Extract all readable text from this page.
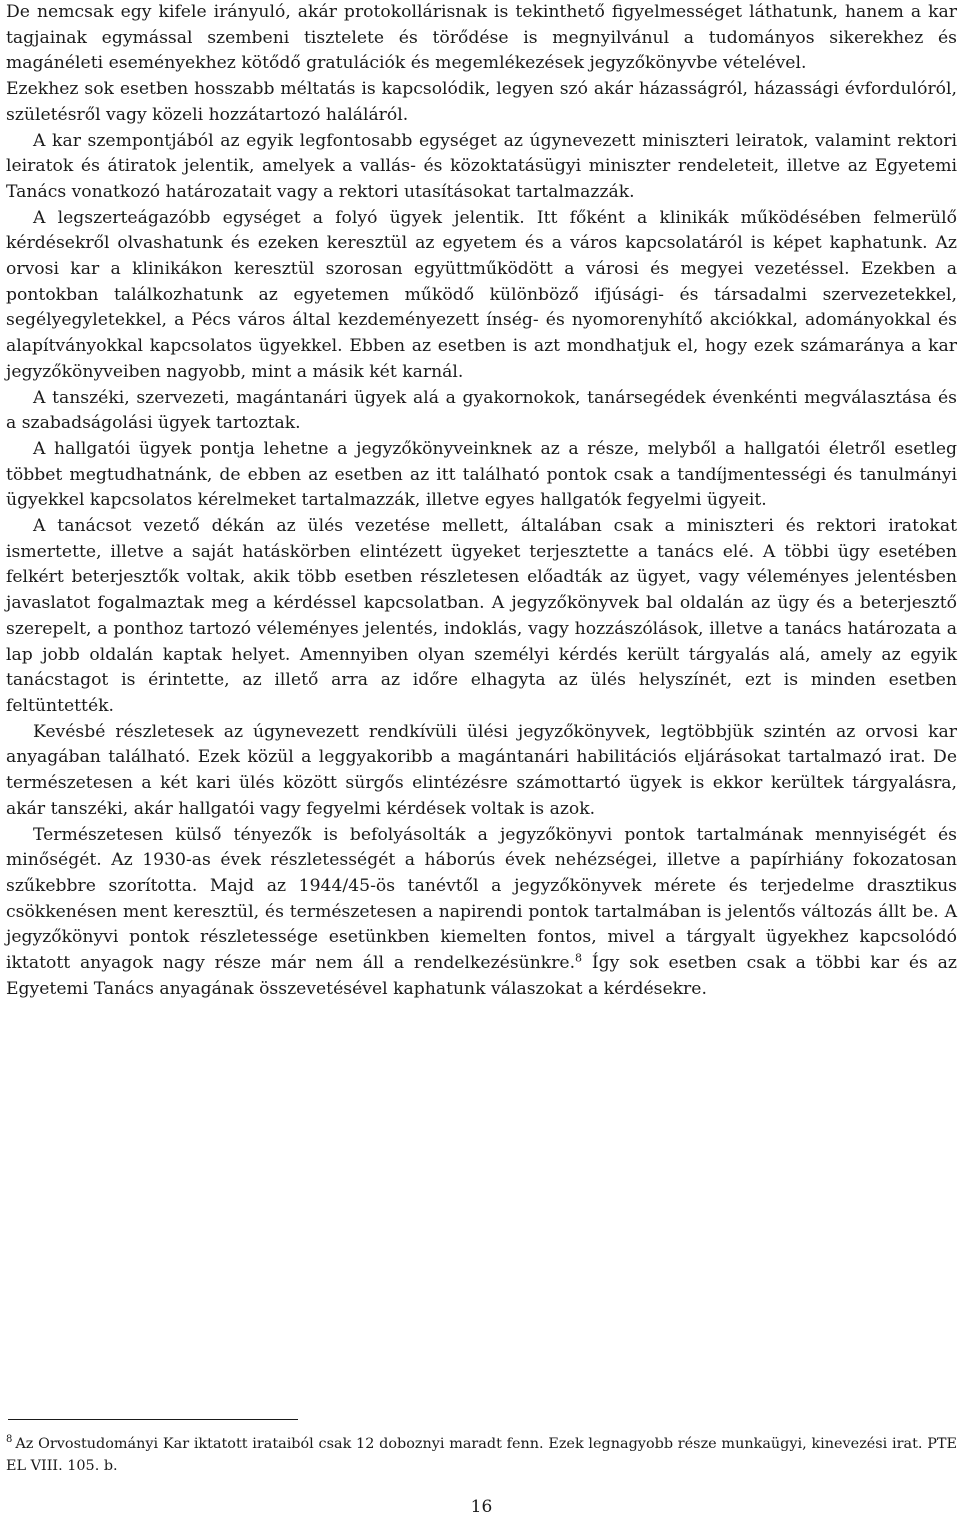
De nemcsak egy kifele irányuló, akár protokollárisnak is tekinthető figyelmességet láthatunk, hanem a kar tagjainak egymással szembeni tisztelete és törődése is megnyilvánul a tudományos sikerekhez és magánéleti eseményekhez kötődő gratulációk és megemlékezések jegyzőkönyvbe vételével.

Ezekhez sok esetben hosszabb méltatás is kapcsolódik, legyen szó akár házasságról, házassági évfordulóról, születésről vagy közeli hozzátartozó haláláról.

A kar szempontjából az egyik legfontosabb egységet az úgynevezett miniszteri leiratok, valamint rektori leiratok és átiratok jelentik, amelyek a vallás- és közoktatásügyi miniszter rendeleteit, illetve az Egyetemi Tanács vonatkozó határozatait vagy a rektori utasításokat tartalmazzák.

A legszerteágazóbb egységet a folyó ügyek jelentik. Itt főként a klinikák működésében felmerülő kérdésekről olvashatunk és ezeken keresztül az egyetem és a város kapcsolatáról is képet kaphatunk. Az orvosi kar a klinikákon keresztül szorosan együttműködött a városi és megyei vezetéssel. Ezekben a pontokban találkozhatunk az egyetemen működő különböző ifjúsági- és társadalmi szervezetekkel, segélyegyletekkel, a Pécs város által kezdeményezett ínség- és nyomorenyhítő akciókkal, adományokkal és alapítványokkal kapcsolatos ügyekkel. Ebben az esetben is azt mondhatjuk el, hogy ezek számaránya a kar jegyzőkönyveiben nagyobb, mint a másik két karnál.

A tanszéki, szervezeti, magántanári ügyek alá a gyakornokok, tanársegédek évenkénti megválasztása és a szabadságolási ügyek tartoztak.

A hallgatói ügyek pontja lehetne a jegyzőkönyveinknek az a része, melyből a hallgatói életről esetleg többet megtudhatnánk, de ebben az esetben az itt található pontok csak a tandíjmentességi és tanulmányi ügyekkel kapcsolatos kérelmeket tartalmazzák, illetve egyes hallgatók fegyelmi ügyeit.

A tanácsot vezető dékán az ülés vezetése mellett, általában csak a miniszteri és rektori iratokat ismertette, illetve a saját hatáskörben elintézett ügyeket terjesztette a tanács elé. A többi ügy esetében felkért beterjesztők voltak, akik több esetben részletesen előadták az ügyet, vagy véleményes jelentésben javaslatot fogalmaztak meg a kérdéssel kapcsolatban. A jegyzőkönyvek bal oldalán az ügy és a beterjesztő szerepelt, a ponthoz tartozó véleményes jelentés, indoklás, vagy hozzászólások, illetve a tanács határozata a lap jobb oldalán kaptak helyet. Amennyiben olyan személyi kérdés került tárgyalás alá, amely az egyik tanácstagot is érintette, az illető arra az időre elhagyta az ülés helyszínét, ezt is minden esetben feltüntették.

Kevésbé részletesek az úgynevezett rendkívüli ülési jegyzőkönyvek, legtöbbjük szintén az orvosi kar anyagában található. Ezek közül a leggyakoribb a magántanári habilitációs eljárásokat tartalmazó irat. De természetesen a két kari ülés között sürgős elintézésre számottartó ügyek is ekkor kerültek tárgyalásra, akár tanszéki, akár hallgatói vagy fegyelmi kérdések voltak is azok.

Természetesen külső tényezők is befolyásolták a jegyzőkönyvi pontok tartalmának mennyiségét és minőségét. Az 1930-as évek részletességét a háborús évek nehézségei, illetve a papírhiány fokozatosan szűkebbre szorította. Majd az 1944/45-ös tanévtől a jegyzőkönyvek mérete és terjedelme drasztikus csökkenésen ment keresztül, és természetesen a napirendi pontok tartalmában is jelentős változás állt be. A jegyzőkönyvi pontok részletessége esetünkben kiemelten fontos, mivel a tárgyalt ügyekhez kapcsolódó iktatott anyagok nagy része már nem áll a rendelkezésünkre.$^8$ Így sok esetben csak a többi kar és az Egyetemi Tanács anyagának összevetésével kaphatunk válaszokat a kérdésekre.

$^8$ Az Orvostudományi Kar iktatott irataiból csak 12 doboznyi maradt fenn. Ezek legnagyobb része munkaügyi, kinevezési irat. PTE EL VIII. 105. b.

16
